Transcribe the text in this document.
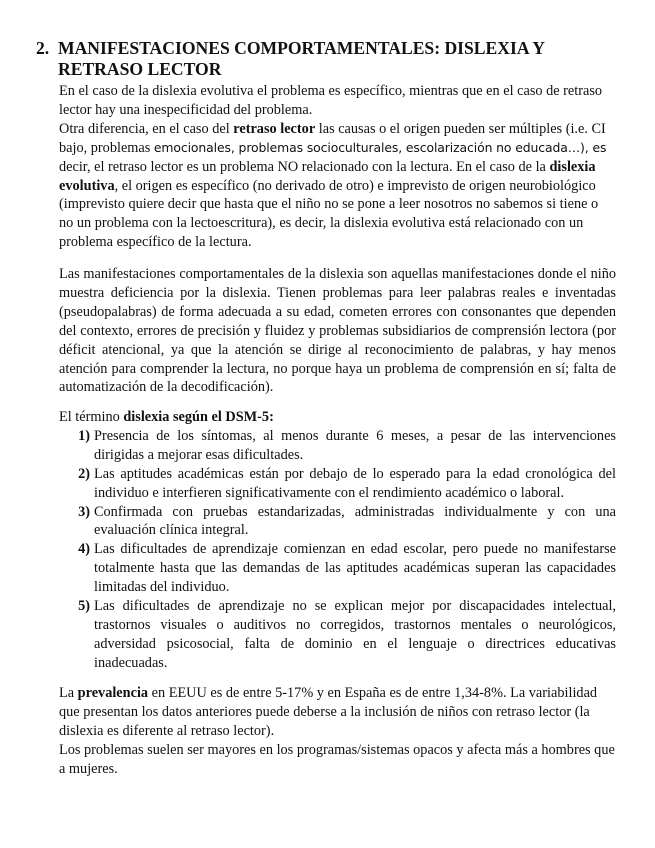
2. MANIFESTACIONES COMPORTAMENTALES: DISLEXIA Y RETRASO LECTOR

En el caso de la dislexia evolutiva el problema es específico, mientras que en el caso de retraso lector hay una inespecificidad del problema.

Otra diferencia, en el caso del retraso lector las causas o el origen pueden ser múltiples (i.e. CI bajo, problemas emocionales, problemas socioculturales, escolarización no educada…), es decir, el retraso lector es un problema NO relacionado con la lectura. En el caso de la dislexia evolutiva, el origen es específico (no derivado de otro) e imprevisto de origen neurobiológico (imprevisto quiere decir que hasta que el niño no se pone a leer nosotros no sabemos si tiene o no un problema con la lectoescritura), es decir, la dislexia evolutiva está relacionado con un problema específico de la lectura.

Las manifestaciones comportamentales de la dislexia son aquellas manifestaciones donde el niño muestra deficiencia por la dislexia. Tienen problemas para leer palabras reales e inventadas (pseudopalabras) de forma adecuada a su edad, cometen errores con consonantes que dependen del contexto, errores de precisión y fluidez y problemas subsidiarios de comprensión lectora (por déficit atencional, ya que la atención se dirige al reconocimiento de palabras, y hay menos atención para comprender la lectura, no porque haya un problema de comprensión en sí; falta de automatización de la decodificación).

El término dislexia según el DSM-5:

1) Presencia de los síntomas, al menos durante 6 meses, a pesar de las intervenciones dirigidas a mejorar esas dificultades.
2) Las aptitudes académicas están por debajo de lo esperado para la edad cronológica del individuo e interfieren significativamente con el rendimiento académico o laboral.
3) Confirmada con pruebas estandarizadas, administradas individualmente y con una evaluación clínica integral.
4) Las dificultades de aprendizaje comienzan en edad escolar, pero puede no manifestarse totalmente hasta que las demandas de las aptitudes académicas superan las capacidades limitadas del individuo.
5) Las dificultades de aprendizaje no se explican mejor por discapacidades intelectual, trastornos visuales o auditivos no corregidos, trastornos mentales o neurológicos, adversidad psicosocial, falta de dominio en el lenguaje o directrices educativas inadecuadas.

La prevalencia en EEUU es de entre 5-17% y en España es de entre 1,34-8%. La variabilidad que presentan los datos anteriores puede deberse a la inclusión de niños con retraso lector (la dislexia es diferente al retraso lector).

Los problemas suelen ser mayores en los programas/sistemas opacos y afecta más a hombres que a mujeres.
